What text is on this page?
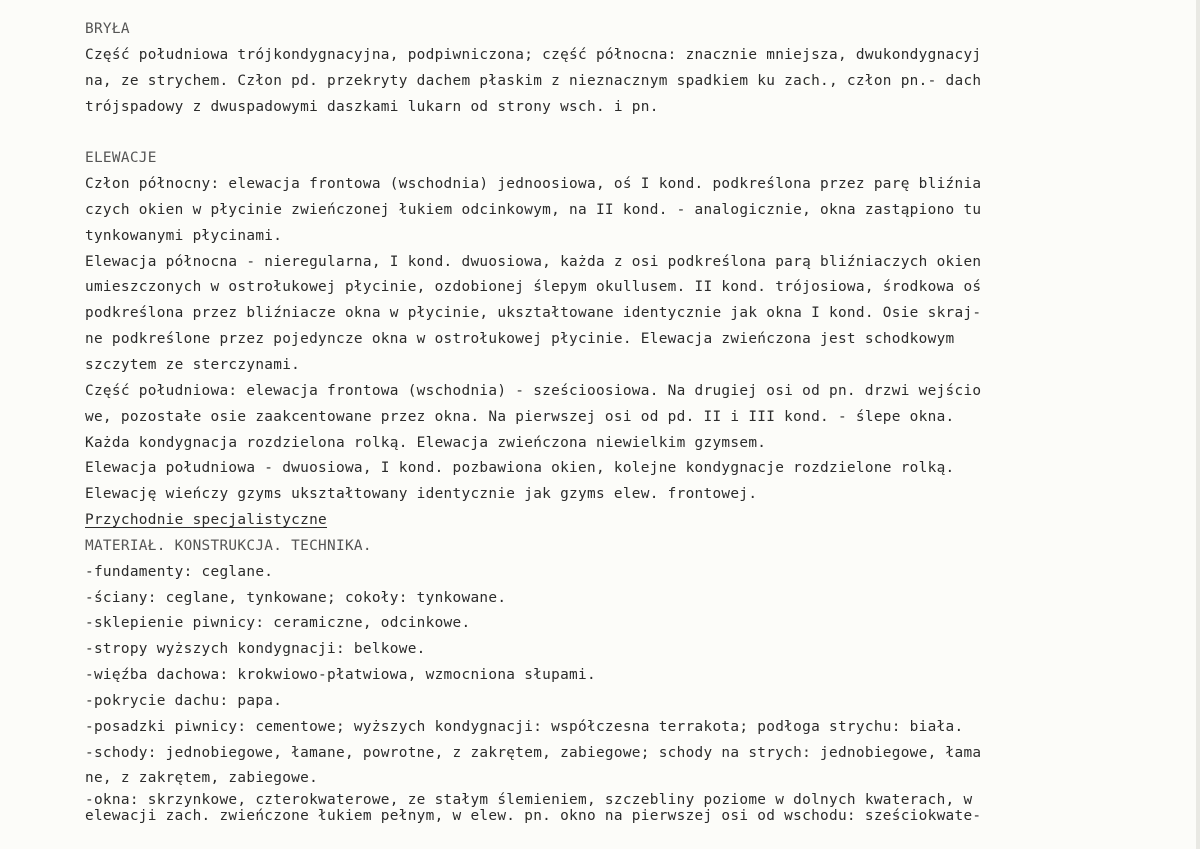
BRYŁA
Część południowa trójkondygnacyjna, podpiwniczona; część północna: znacznie mniejsza, dwukondygnacyj
na, ze strychem. Człon pd. przekryty dachem płaskim z nieznacznym spadkiem ku zach., człon pn.- dach
trójspadowy z dwuspadowymi daszkami lukarn od strony wsch. i pn.
ELEWACJE
Człon północny: elewacja frontowa (wschodnia) jednoosiowa, oś I kond. podkreślona przez parę bliźnia
czych okien w płycinie zwieńczonej łukiem odcinkowym, na II kond. - analogicznie, okna zastąpiono tu
tynkowanymi płycinami.
Elewacja północna - nieregularna, I kond. dwuosiowa, każda z osi podkreślona parą bliźniaczych okien
umieszczonych w ostrołukowej płycinie, ozdobionej ślepym okullusem. II kond. trójosiowa, środkowa oś
podkreślona przez bliźniacze okna w płycinie, ukształtowane identycznie jak okna I kond. Osie skraj-
ne podkreślone przez pojedyncze okna w ostrołukowej płycinie. Elewacja zwieńczona jest schodkowym
szczytem ze sterczynami.
Część południowa: elewacja frontowa (wschodnia) - sześcioosiowa. Na drugiej osi od pn. drzwi wejścio
we, pozostałe osie zaakcentowane przez okna. Na pierwszej osi od pd. II i III kond. - ślepe okna.
Każda kondygnacja rozdzielona rolką. Elewacja zwieńczona niewielkim gzymsem.
Elewacja południowa - dwuosiowa, I kond. pozbawiona okien, kolejne kondygnacje rozdzielone rolką.
Elewację wieńczy gzyms ukształtowany identycznie jak gzyms elew. frontowej.
Przychodnie specjalistyczne
MATERIAŁ. KONSTRUKCJA. TECHNIKA.
-fundamenty: ceglane.
-ściany: ceglane, tynkowane; cokoły: tynkowane.
-sklepienie piwnicy: ceramiczne, odcinkowe.
-stropy wyższych kondygnacji: belkowe.
-więźba dachowa: krokwiowo-płatwiowa, wzmocniona słupami.
-pokrycie dachu: papa.
-posadzki piwnicy: cementowe; wyższych kondygnacji: współczesna terrakota; podłoga strychu: biała.
-schody: jednobiegowe, łamane, powrotne, z zakrętem, zabiegowe; schody na strych: jednobiegowe, łama
ne, z zakrętem, zabiegowe.
-okna: skrzynkowe, czterokwaterowe, ze stałym ślemieniem, szczebliny poziome w dolnych kwaterach, w
elewacji zach. zwieńczone łukiem pełnym, w elew. pn. okno na pierwszej osi od wschodu: sześciokwate-
